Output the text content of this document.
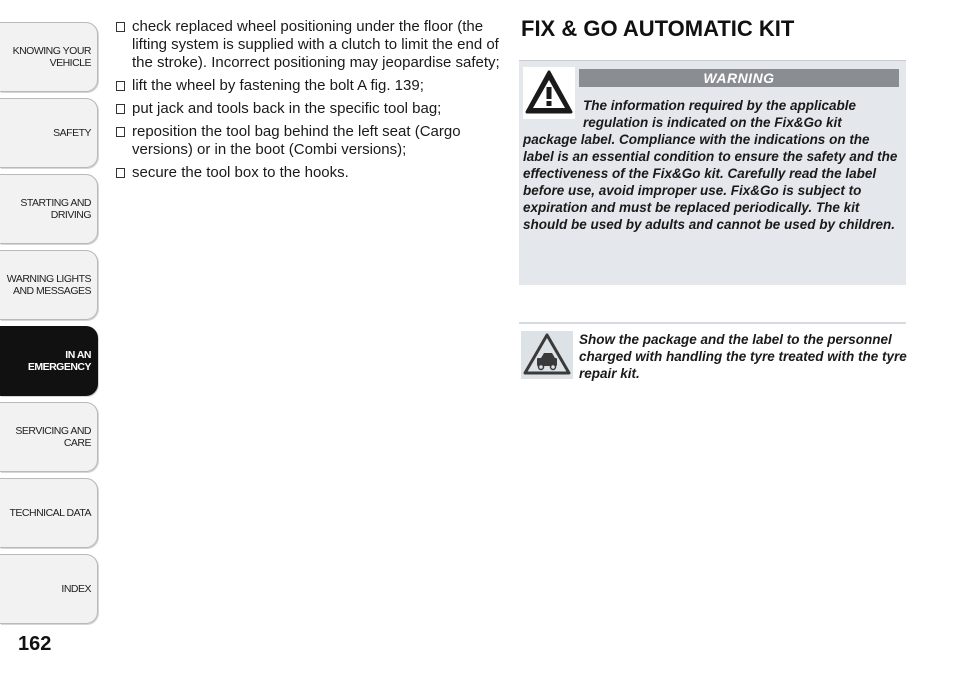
KNOWING YOUR
VEHICLE
SAFETY
STARTING AND
DRIVING
WARNING LIGHTS
AND MESSAGES
IN AN
EMERGENCY
SERVICING AND
CARE
TECHNICAL DATA
INDEX
162
check replaced wheel positioning under the floor (the lifting system is supplied with a clutch to limit the end of the stroke). Incorrect positioning may jeopardise safety;
lift the wheel by fastening the bolt A fig. 139;
put jack and tools back in the specific tool bag;
reposition the tool bag behind the left seat (Cargo versions) or in the boot (Combi versions);
secure the tool box to the hooks.
FIX & GO AUTOMATIC KIT
WARNING
The information required by the applicable regulation is indicated on the Fix&Go kit package label. Compliance with the indications on the label is an essential condition to ensure the safety and the effectiveness of the Fix&Go kit. Carefully read the label before use, avoid improper use. Fix&Go is subject to expiration and must be replaced periodically. The kit should be used by adults and cannot be used by children.
Show the package and the label to the personnel charged with handling the tyre treated with the tyre repair kit.
